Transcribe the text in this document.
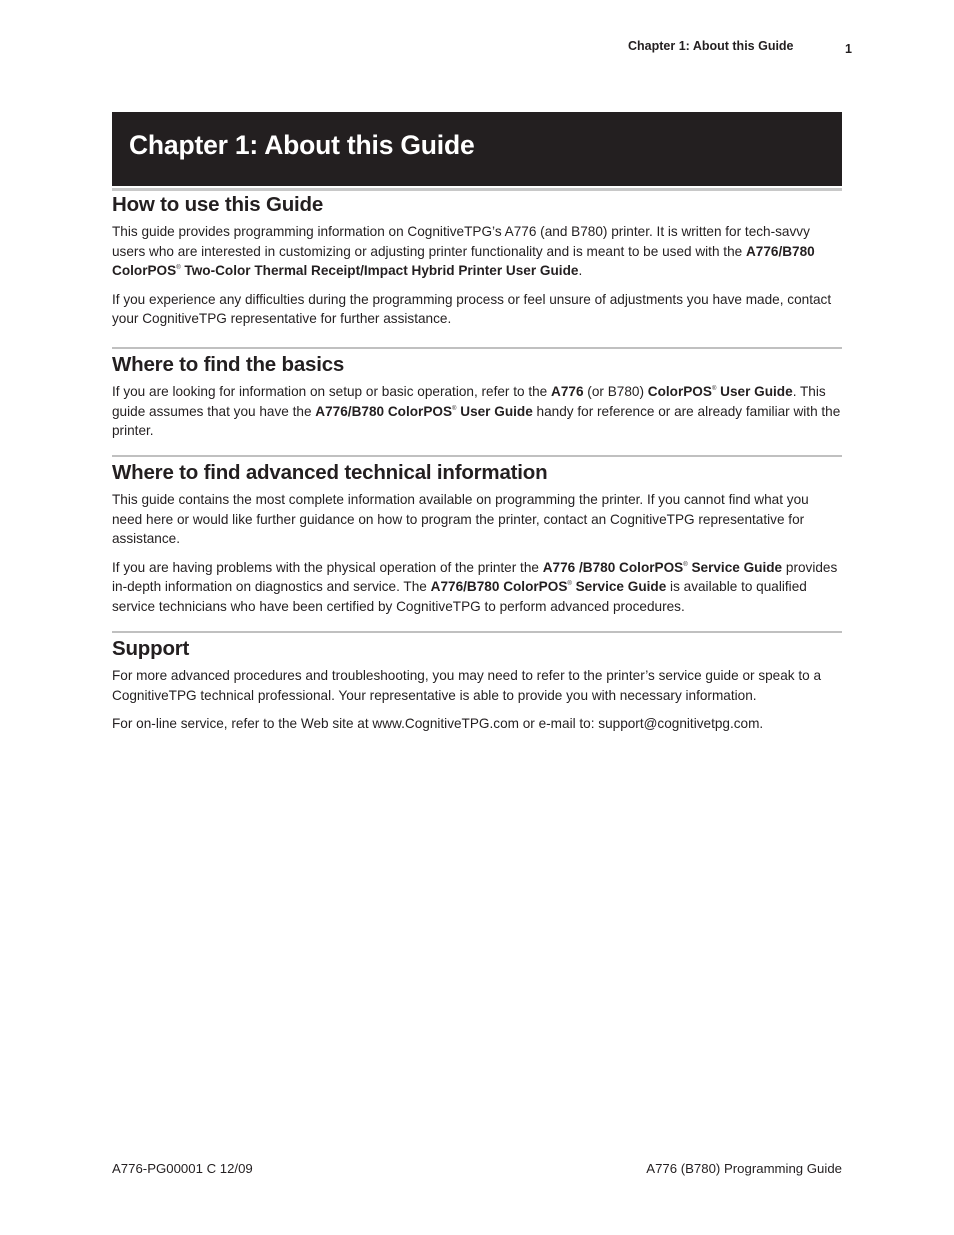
Chapter 1: About this Guide	1
Chapter 1: About this Guide
How to use this Guide

This guide provides programming information on CognitiveTPG’s A776 (and B780) printer. It is written for tech-savvy users who are interested in customizing or adjusting printer functionality and is meant to be used with the A776/B780 ColorPOS® Two-Color Thermal Receipt/Impact Hybrid Printer User Guide.

If you experience any difficulties during the programming process or feel unsure of adjustments you have made, contact your CognitiveTPG representative for further assistance.

Where to find the basics

If you are looking for information on setup or basic operation, refer to the A776 (or B780) ColorPOS® User Guide. This guide assumes that you have the A776/B780 ColorPOS® User Guide handy for reference or are already familiar with the printer.

Where to find advanced technical information

This guide contains the most complete information available on programming the printer. If you cannot find what you need here or would like further guidance on how to program the printer, contact an CognitiveTPG representative for assistance.

If you are having problems with the physical operation of the printer the A776 /B780 ColorPOS® Service Guide provides in-depth information on diagnostics and service. The A776/B780 ColorPOS® Service Guide is available to qualified service technicians who have been certified by CognitiveTPG to perform advanced procedures.

Support

For more advanced procedures and troubleshooting, you may need to refer to the printer’s service guide or speak to a CognitiveTPG technical professional. Your representative is able to provide you with necessary information.

For on-line service, refer to the Web site at www.CognitiveTPG.com or e-mail to: support@cognitivetpg.com.

A776-PG00001 C 12/09	A776 (B780) Programming Guide
